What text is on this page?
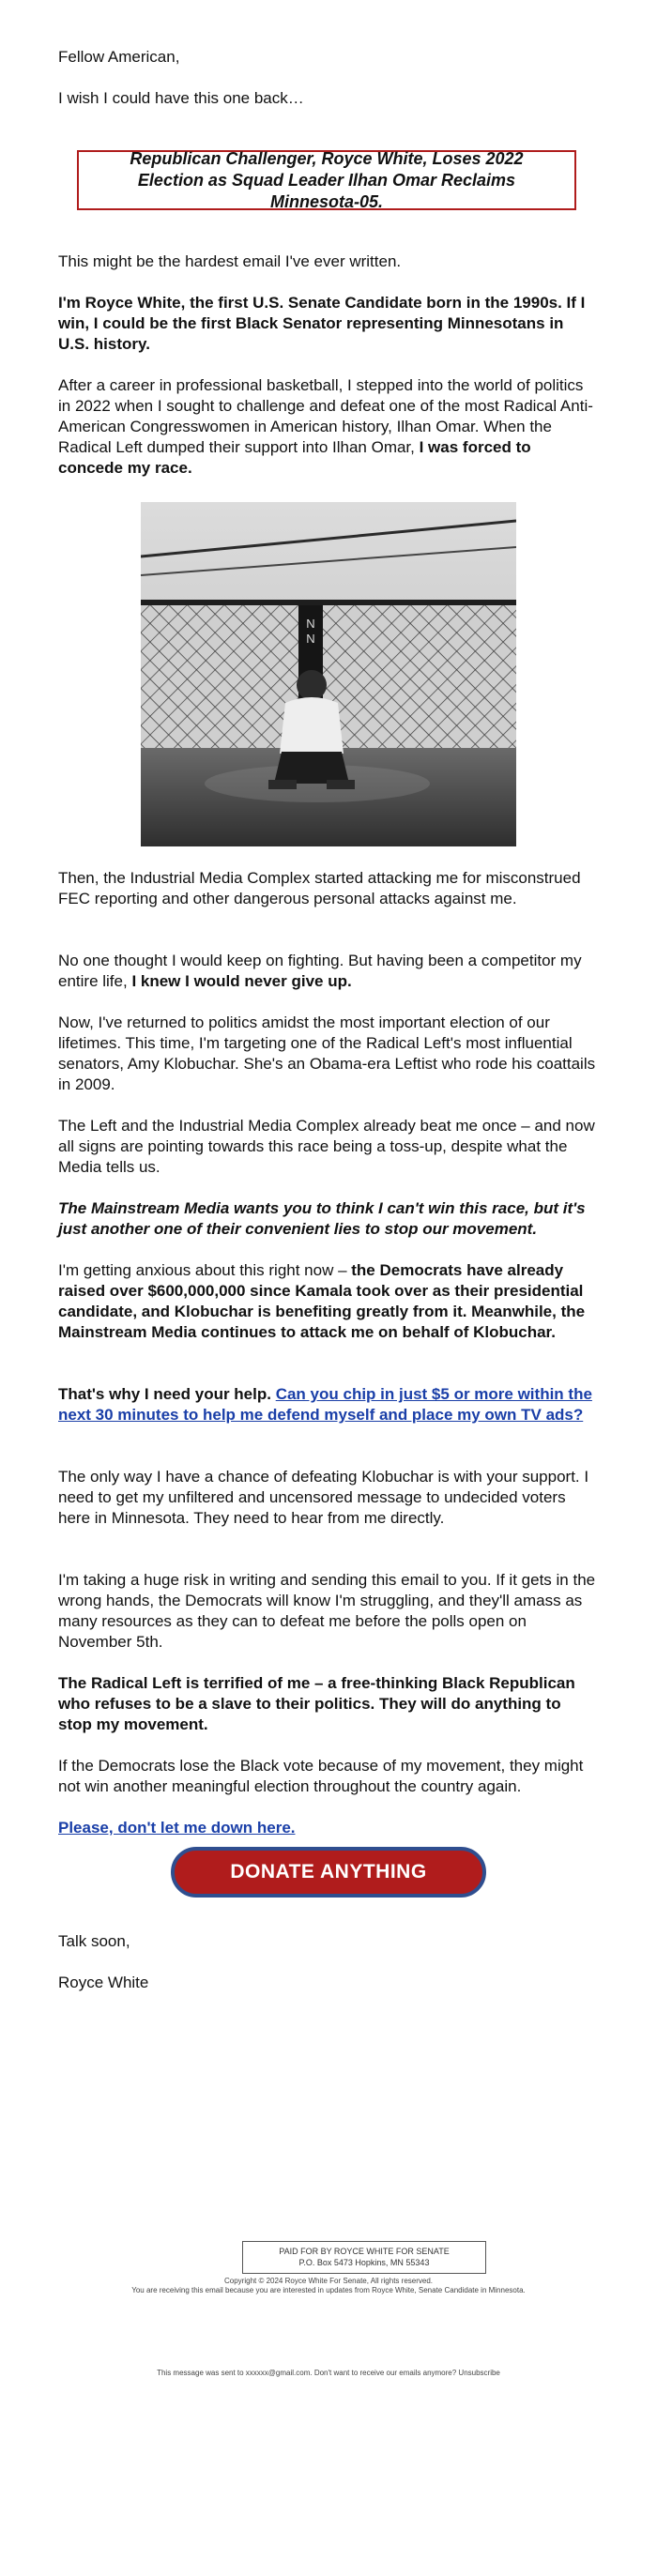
Fellow American,

I wish I could have this one back…

Republican Challenger, Royce White, Loses 2022 Election as Squad Leader Ilhan Omar Reclaims Minnesota-05.

This might be the hardest email I've ever written.

I'm Royce White, the first U.S. Senate Candidate born in the 1990s. If I win, I could be the first Black Senator representing Minnesotans in U.S. history.

After a career in professional basketball, I stepped into the world of politics in 2022 when I sought to challenge and defeat one of the most Radical Anti-American Congresswomen in American history, Ilhan Omar. When the Radical Left dumped their support into Ilhan Omar, I was forced to concede my race.

N
N

Then, the Industrial Media Complex started attacking me for misconstrued FEC reporting and other dangerous personal attacks against me.

No one thought I would keep on fighting. But having been a competitor my entire life, I knew I would never give up.

Now, I've returned to politics amidst the most important election of our lifetimes. This time, I'm targeting one of the Radical Left's most influential senators, Amy Klobuchar. She's an Obama-era Leftist who rode his coattails in 2009.

The Left and the Industrial Media Complex already beat me once – and now all signs are pointing towards this race being a toss-up, despite what the Media tells us.

The Mainstream Media wants you to think I can't win this race, but it's just another one of their convenient lies to stop our movement.

I'm getting anxious about this right now – the Democrats have already raised over $600,000,000 since Kamala took over as their presidential candidate, and Klobuchar is benefiting greatly from it. Meanwhile, the Mainstream Media continues to attack me on behalf of Klobuchar.

That's why I need your help. Can you chip in just $5 or more within the next 30 minutes to help me defend myself and place my own TV ads?

The only way I have a chance of defeating Klobuchar is with your support. I need to get my unfiltered and uncensored message to undecided voters here in Minnesota. They need to hear from me directly.

I'm taking a huge risk in writing and sending this email to you. If it gets in the wrong hands, the Democrats will know I'm struggling, and they'll amass as many resources as they can to defeat me before the polls open on November 5th.

The Radical Left is terrified of me – a free-thinking Black Republican who refuses to be a slave to their politics. They will do anything to stop my movement.

If the Democrats lose the Black vote because of my movement, they might not win another meaningful election throughout the country again.

Please, don't let me down here.

DONATE ANYTHING

Talk soon,

Royce White

PAID FOR BY ROYCE WHITE FOR SENATE
P.O. Box 5473 Hopkins, MN 55343
Copyright © 2024 Royce White For Senate, All rights reserved.
You are receiving this email because you are interested in updates from Royce White, Senate Candidate in Minnesota.
This message was sent to xxxxxx@gmail.com. Don't want to receive our emails anymore? Unsubscribe
